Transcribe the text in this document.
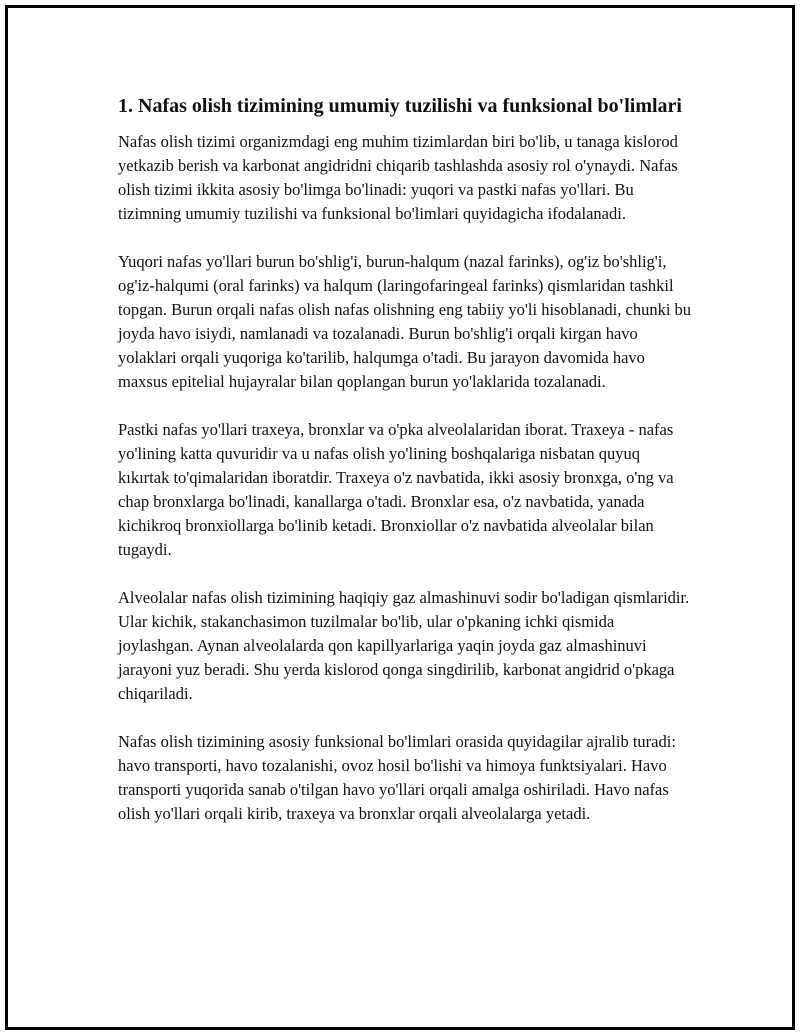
1. Nafas olish tizimining umumiy tuzilishi va funksional bo'limlari

Nafas olish tizimi organizmdagi eng muhim tizimlardan biri bo'lib, u tanaga kislorod yetkazib berish va karbonat angidridni chiqarib tashlashda asosiy rol o'ynaydi. Nafas olish tizimi ikkita asosiy bo'limga bo'linadi: yuqori va pastki nafas yo'llari. Bu tizimning umumiy tuzilishi va funksional bo'limlari quyidagicha ifodalanadi.

Yuqori nafas yo'llari burun bo'shlig'i, burun-halqum (nazal farinks), og'iz bo'shlig'i, og'iz-halqumi (oral farinks) va halqum (laringofaringeal farinks) qismlaridan tashkil topgan. Burun orqali nafas olish nafas olishning eng tabiiy yo'li hisoblanadi, chunki bu joyda havo isiydi, namlanadi va tozalanadi. Burun bo'shlig'i orqali kirgan havo yolaklari orqali yuqoriga ko'tarilib, halqumga o'tadi. Bu jarayon davomida havo maxsus epitelial hujayralar bilan qoplangan burun yo'laklarida tozalanadi.

Pastki nafas yo'llari traxeya, bronxlar va o'pka alveolalaridan iborat. Traxeya - nafas yo'lining katta quvuridir va u nafas olish yo'lining boshqalariga nisbatan quyuq kıkırtak to'qimalaridan iboratdir. Traxeya o'z navbatida, ikki asosiy bronxga, o'ng va chap bronxlarga bo'linadi, kanallarga o'tadi. Bronxlar esa, o'z navbatida, yanada kichikroq bronxiollarga bo'linib ketadi. Bronxiollar o'z navbatida alveolalar bilan tugaydi.

Alveolalar nafas olish tizimining haqiqiy gaz almashinuvi sodir bo'ladigan qismlaridir. Ular kichik, stakanchasimon tuzilmalar bo'lib, ular o'pkaning ichki qismida joylashgan. Aynan alveolalarda qon kapillyarlariga yaqin joyda gaz almashinuvi jarayoni yuz beradi. Shu yerda kislorod qonga singdirilib, karbonat angidrid o'pkaga chiqariladi.

Nafas olish tizimining asosiy funksional bo'limlari orasida quyidagilar ajralib turadi: havo transporti, havo tozalanishi, ovoz hosil bo'lishi va himoya funktsiyalari. Havo transporti yuqorida sanab o'tilgan havo yo'llari orqali amalga oshiriladi. Havo nafas olish yo'llari orqali kirib, traxeya va bronxlar orqali alveolalarga yetadi.
